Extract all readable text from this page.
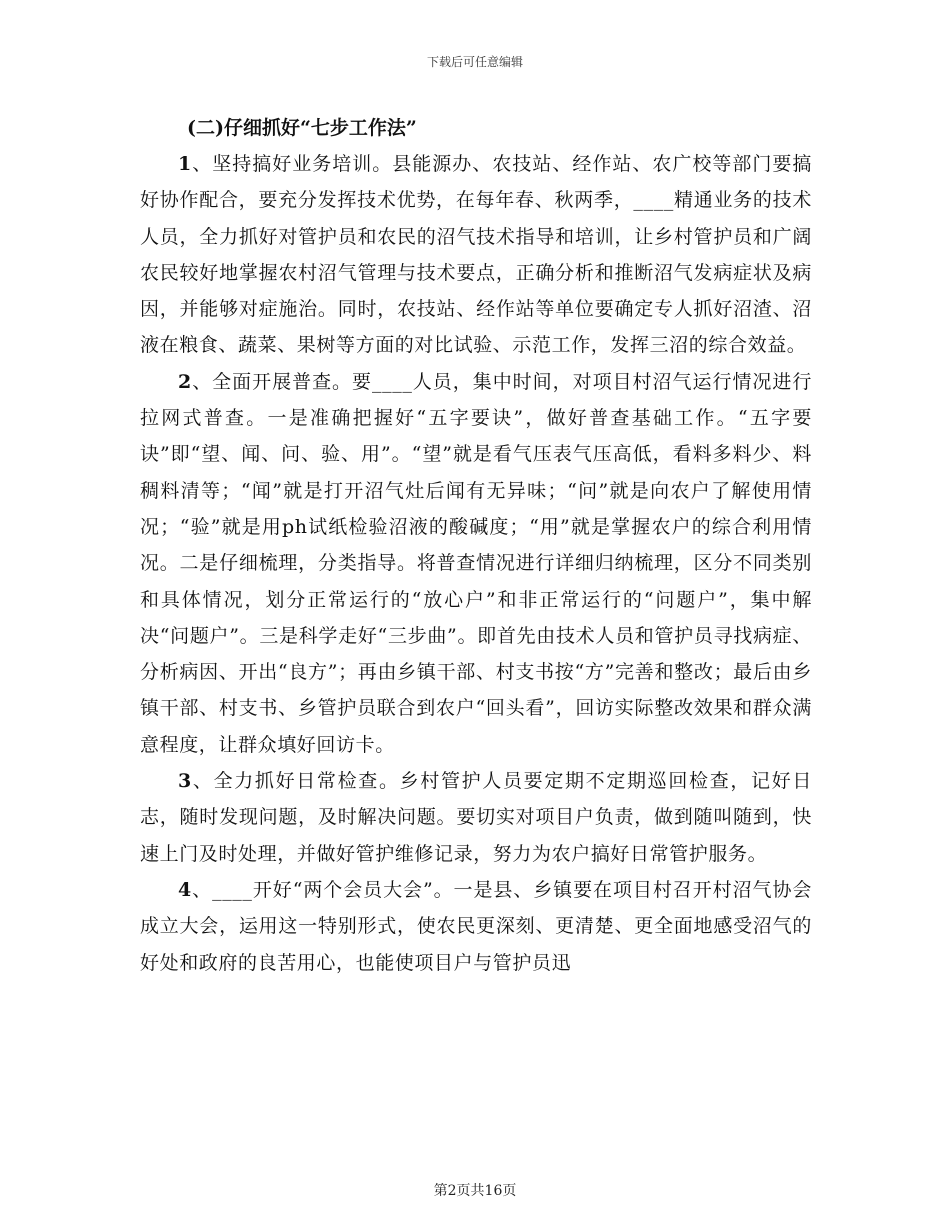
下载后可任意编辑

(二)仔细抓好“七步工作法”

1、坚持搞好业务培训。县能源办、农技站、经作站、农广校等部门要搞好协作配合，要充分发挥技术优势，在每年春、秋两季，____精通业务的技术人员，全力抓好对管护员和农民的沼气技术指导和培训，让乡村管护员和广阔农民较好地掌握农村沼气管理与技术要点，正确分析和推断沼气发病症状及病因，并能够对症施治。同时，农技站、经作站等单位要确定专人抓好沼渣、沼液在粮食、蔬菜、果树等方面的对比试验、示范工作，发挥三沼的综合效益。

2、全面开展普查。要____人员，集中时间，对项目村沼气运行情况进行拉网式普查。一是准确把握好“五字要诀”，做好普查基础工作。“五字要诀”即“望、闻、问、验、用”。“望”就是看气压表气压高低，看料多料少、料稠料清等；“闻”就是打开沼气灶后闻有无异味；“问”就是向农户了解使用情况；“验”就是用ph试纸检验沼液的酸碱度；“用”就是掌握农户的综合利用情况。二是仔细梳理，分类指导。将普查情况进行详细归纳梳理，区分不同类别和具体情况，划分正常运行的“放心户”和非正常运行的“问题户”，集中解决“问题户”。三是科学走好“三步曲”。即首先由技术人员和管护员寻找病症、分析病因、开出“良方”；再由乡镇干部、村支书按“方”完善和整改；最后由乡镇干部、村支书、乡管护员联合到农户“回头看”，回访实际整改效果和群众满意程度，让群众填好回访卡。

3、全力抓好日常检查。乡村管护人员要定期不定期巡回检查，记好日志，随时发现问题，及时解决问题。要切实对项目户负责，做到随叫随到，快速上门及时处理，并做好管护维修记录，努力为农户搞好日常管护服务。

4、____开好“两个会员大会”。一是县、乡镇要在项目村召开村沼气协会成立大会，运用这一特别形式，使农民更深刻、更清楚、更全面地感受沼气的好处和政府的良苦用心，也能使项目户与管护员迅

第2页共16页
